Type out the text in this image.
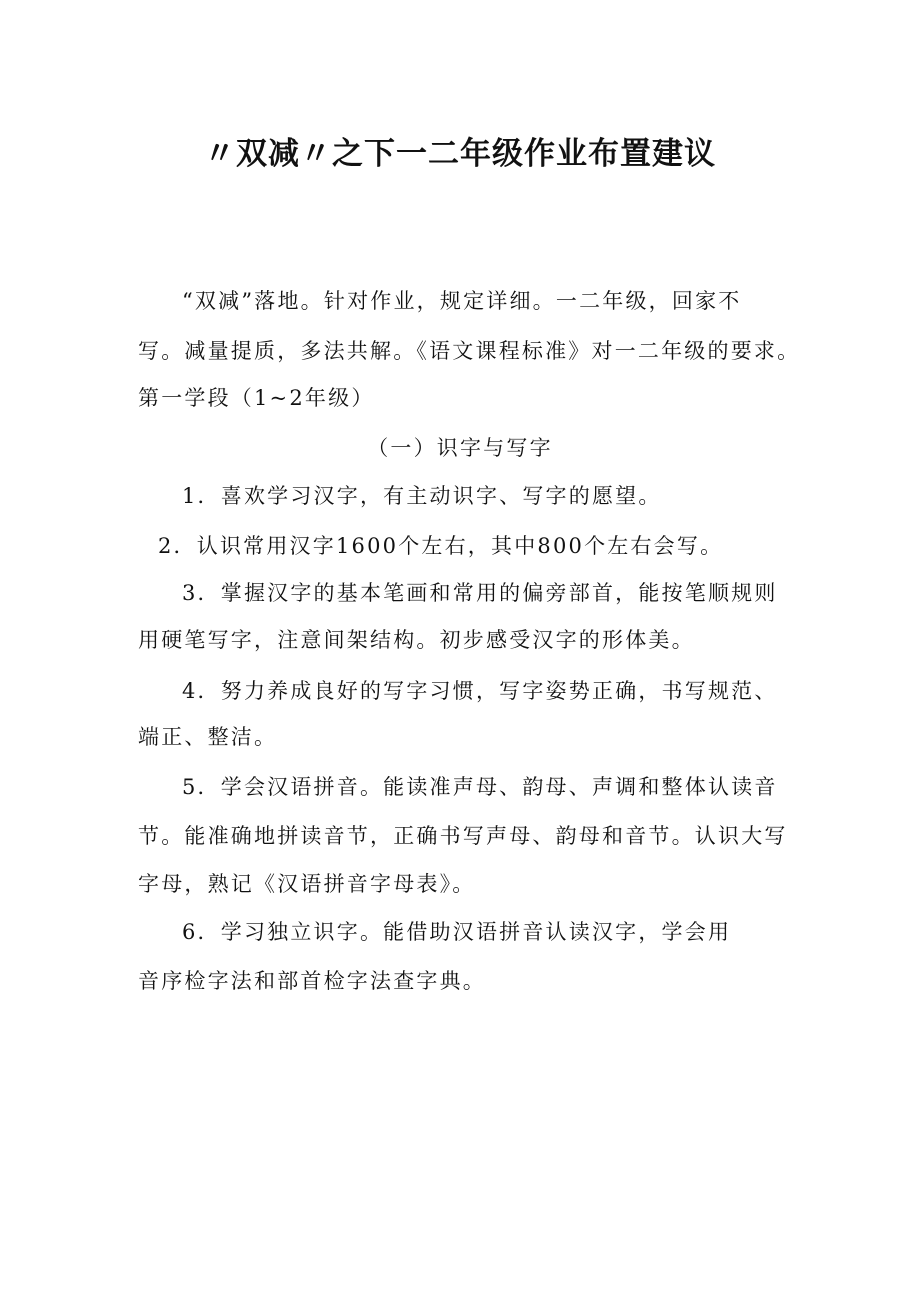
〃双减〃之下一二年级作业布置建议
“双减”落地。针对作业，规定详细。一二年级，回家不
写。减量提质，多法共解。《语文课程标准》对一二年级的要求。
第一学段（1~2年级）
（一）识字与写字
1．喜欢学习汉字，有主动识字、写字的愿望。
2．认识常用汉字1600个左右，其中800个左右会写。
3．掌握汉字的基本笔画和常用的偏旁部首，能按笔顺规则
用硬笔写字，注意间架结构。初步感受汉字的形体美。
4．努力养成良好的写字习惯，写字姿势正确，书写规范、
端正、整洁。
5．学会汉语拼音。能读准声母、韵母、声调和整体认读音
节。能准确地拼读音节，正确书写声母、韵母和音节。认识大写
字母，熟记《汉语拼音字母表》。
6．学习独立识字。能借助汉语拼音认读汉字，学会用
音序检字法和部首检字法查字典。
